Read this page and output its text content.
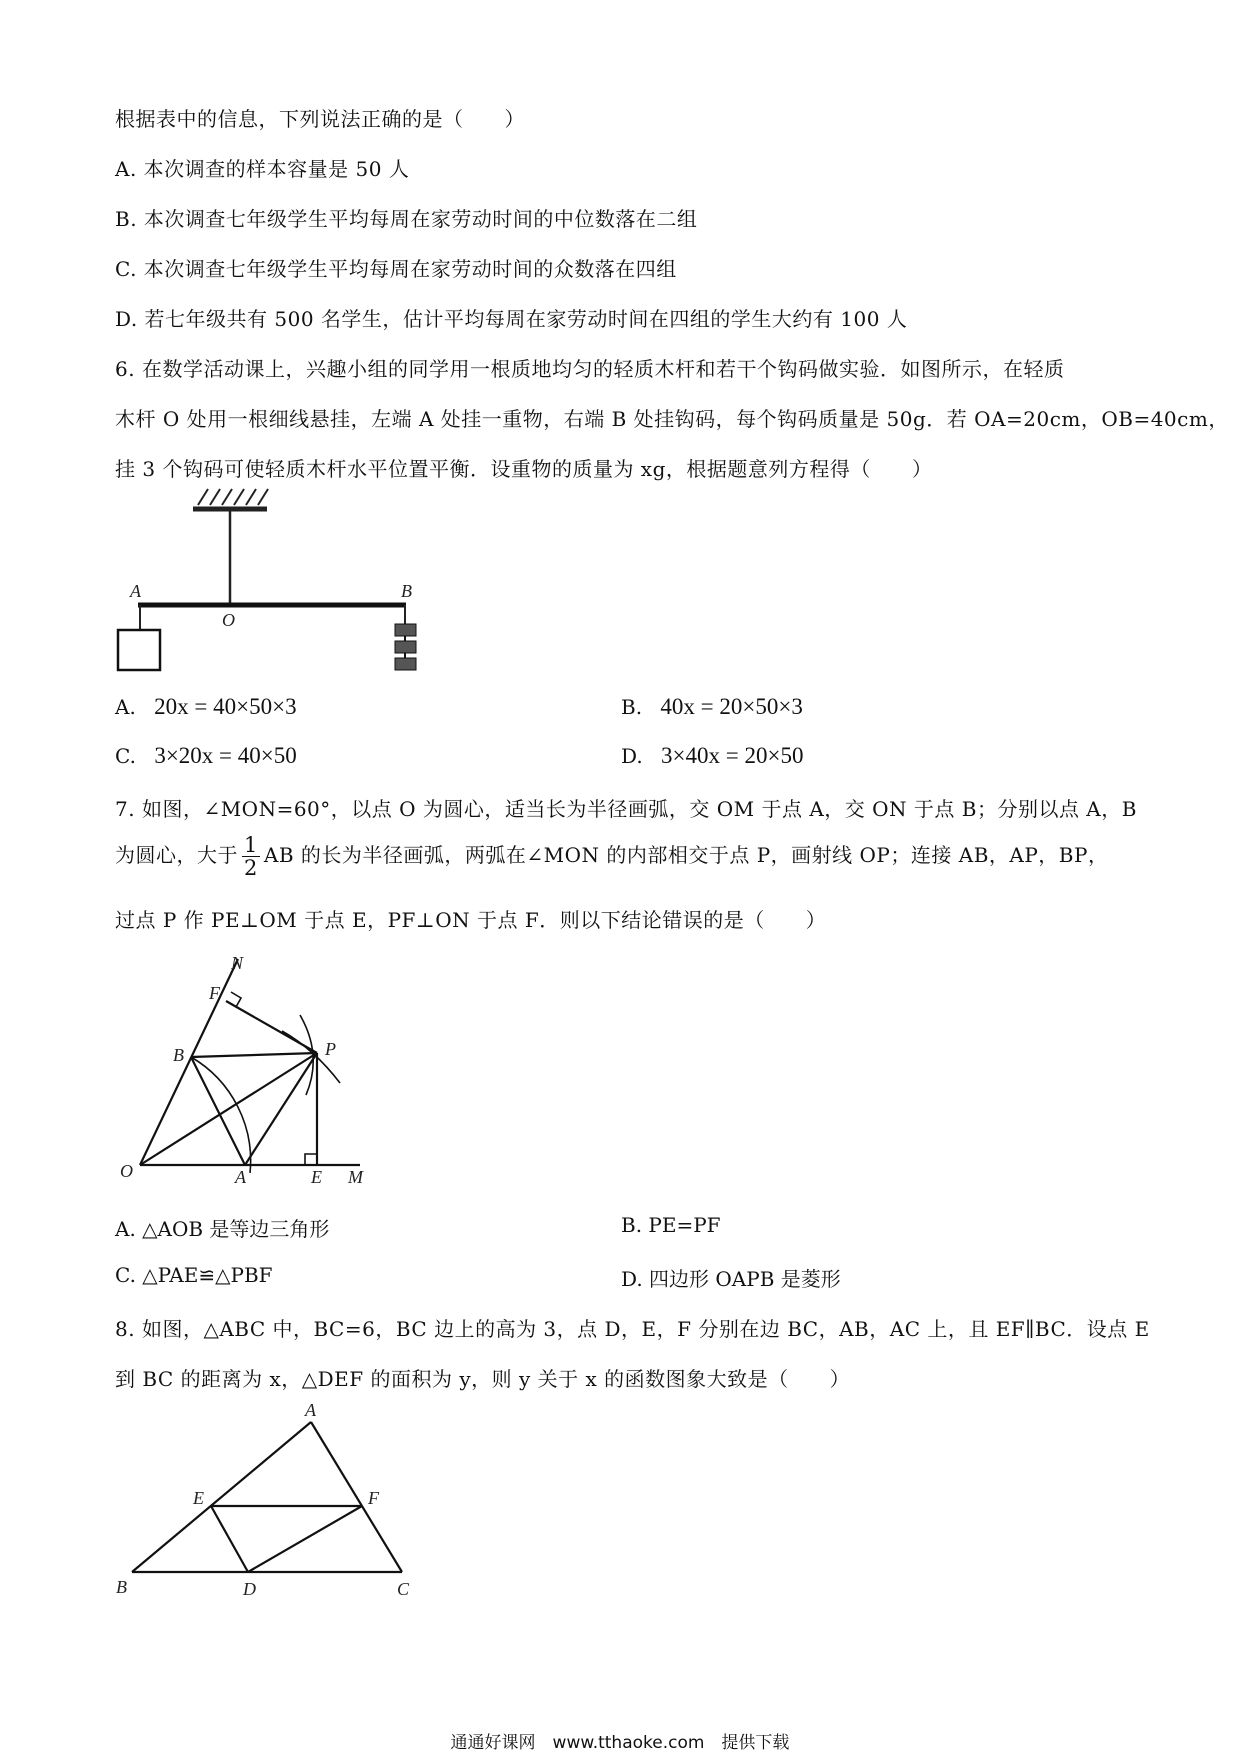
根据表中的信息，下列说法正确的是（　　）
A. 本次调查的样本容量是 50 人
B. 本次调查七年级学生平均每周在家劳动时间的中位数落在二组
C. 本次调查七年级学生平均每周在家劳动时间的众数落在四组
D. 若七年级共有 500 名学生，估计平均每周在家劳动时间在四组的学生大约有 100 人
6. 在数学活动课上，兴趣小组的同学用一根质地均匀的轻质木杆和若干个钩码做实验．如图所示，在轻质
木杆 O 处用一根细线悬挂，左端 A 处挂一重物，右端 B 处挂钩码，每个钩码质量是 50g．若 OA=20cm，OB=40cm，
挂 3 个钩码可使轻质木杆水平位置平衡．设重物的质量为 xg，根据题意列方程得（　　）
A
O
B
A. 20x = 40×50×3	B. 40x = 20×50×3
C. 3×20x = 40×50	D. 3×40x = 20×50
7. 如图，∠MON=60°，以点 O 为圆心，适当长为半径画弧，交 OM 于点 A，交 ON 于点 B；分别以点 A，B
为圆心，大于 $\frac{1}{2}$ AB 的长为半径画弧，两弧在∠MON 的内部相交于点 P，画射线 OP；连接 AB，AP，BP，
过点 P 作 PE⊥OM 于点 E，PF⊥ON 于点 F．则以下结论错误的是（　　）
N
F
B	P
O	A	E M
A. △AOB 是等边三角形	B. PE=PF
C. △PAE≌△PBF	D. 四边形 OAPB 是菱形
8. 如图，△ABC 中，BC=6，BC 边上的高为 3，点 D，E，F 分别在边 BC，AB，AC 上，且 EF∥BC．设点 E
到 BC 的距离为 x，△DEF 的面积为 y，则 y 关于 x 的函数图象大致是（　　）
A
E	F
B	D	C
通通好课网　www.tthaoke.com　提供下载
